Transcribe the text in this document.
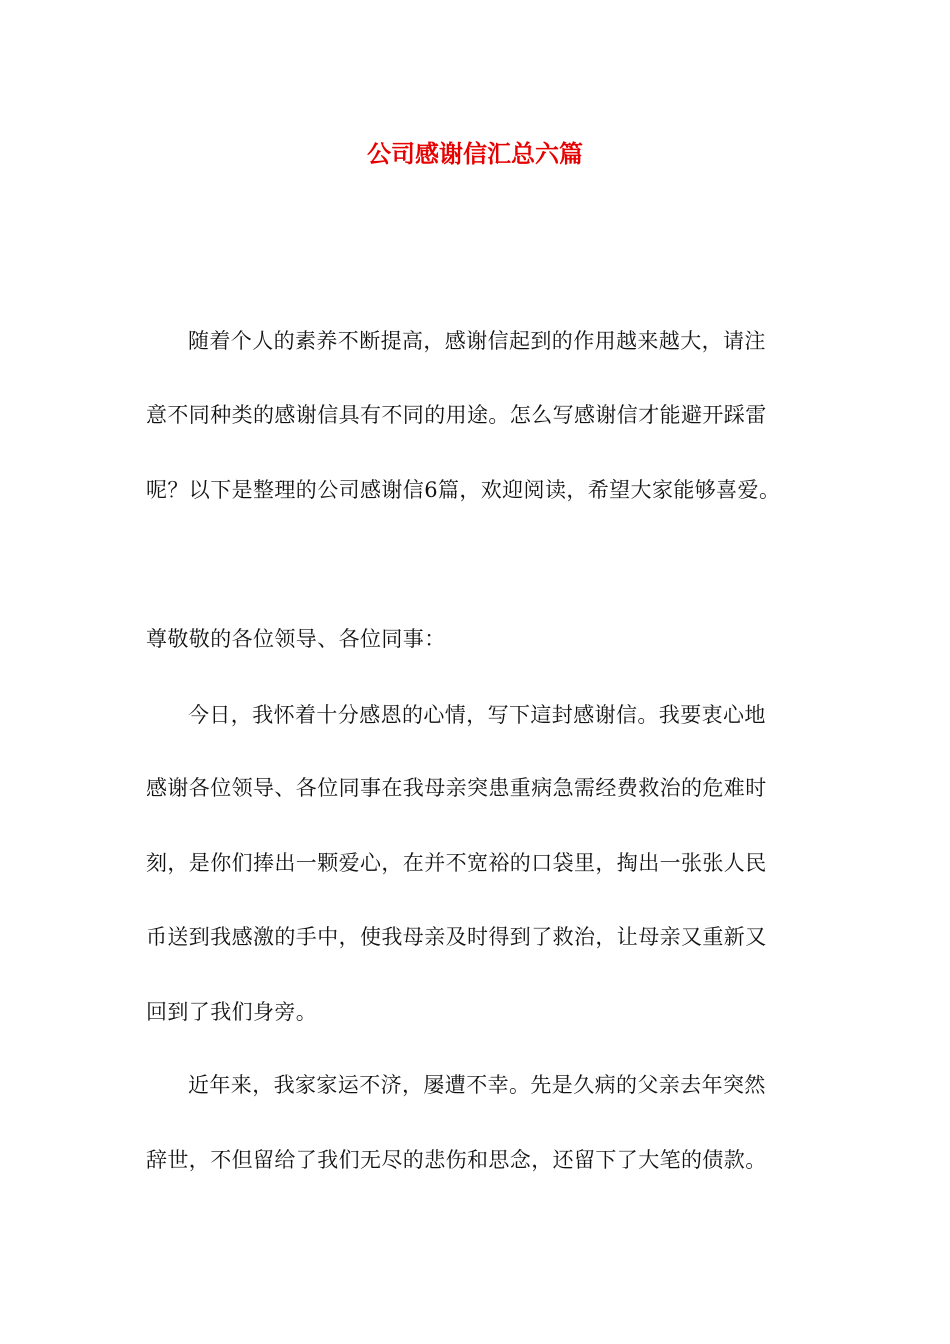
公司感谢信汇总六篇
随着个人的素养不断提高，感谢信起到的作用越来越大，请注
意不同种类的感谢信具有不同的用途。怎么写感谢信才能避开踩雷
呢？以下是整理的公司感谢信6篇，欢迎阅读，希望大家能够喜爱。
尊敬敬的各位领导、各位同事：
今日，我怀着十分感恩的心情，写下這封感谢信。我要衷心地
感谢各位领导、各位同事在我母亲突患重病急需经费救治的危难时
刻，是你们捧出一颗爱心，在并不宽裕的口袋里，掏出一张张人民
币送到我感激的手中，使我母亲及时得到了救治，让母亲又重新又
回到了我们身旁。
近年来，我家家运不济，屡遭不幸。先是久病的父亲去年突然
辞世，不但留给了我们无尽的悲伤和思念，还留下了大笔的债款。
